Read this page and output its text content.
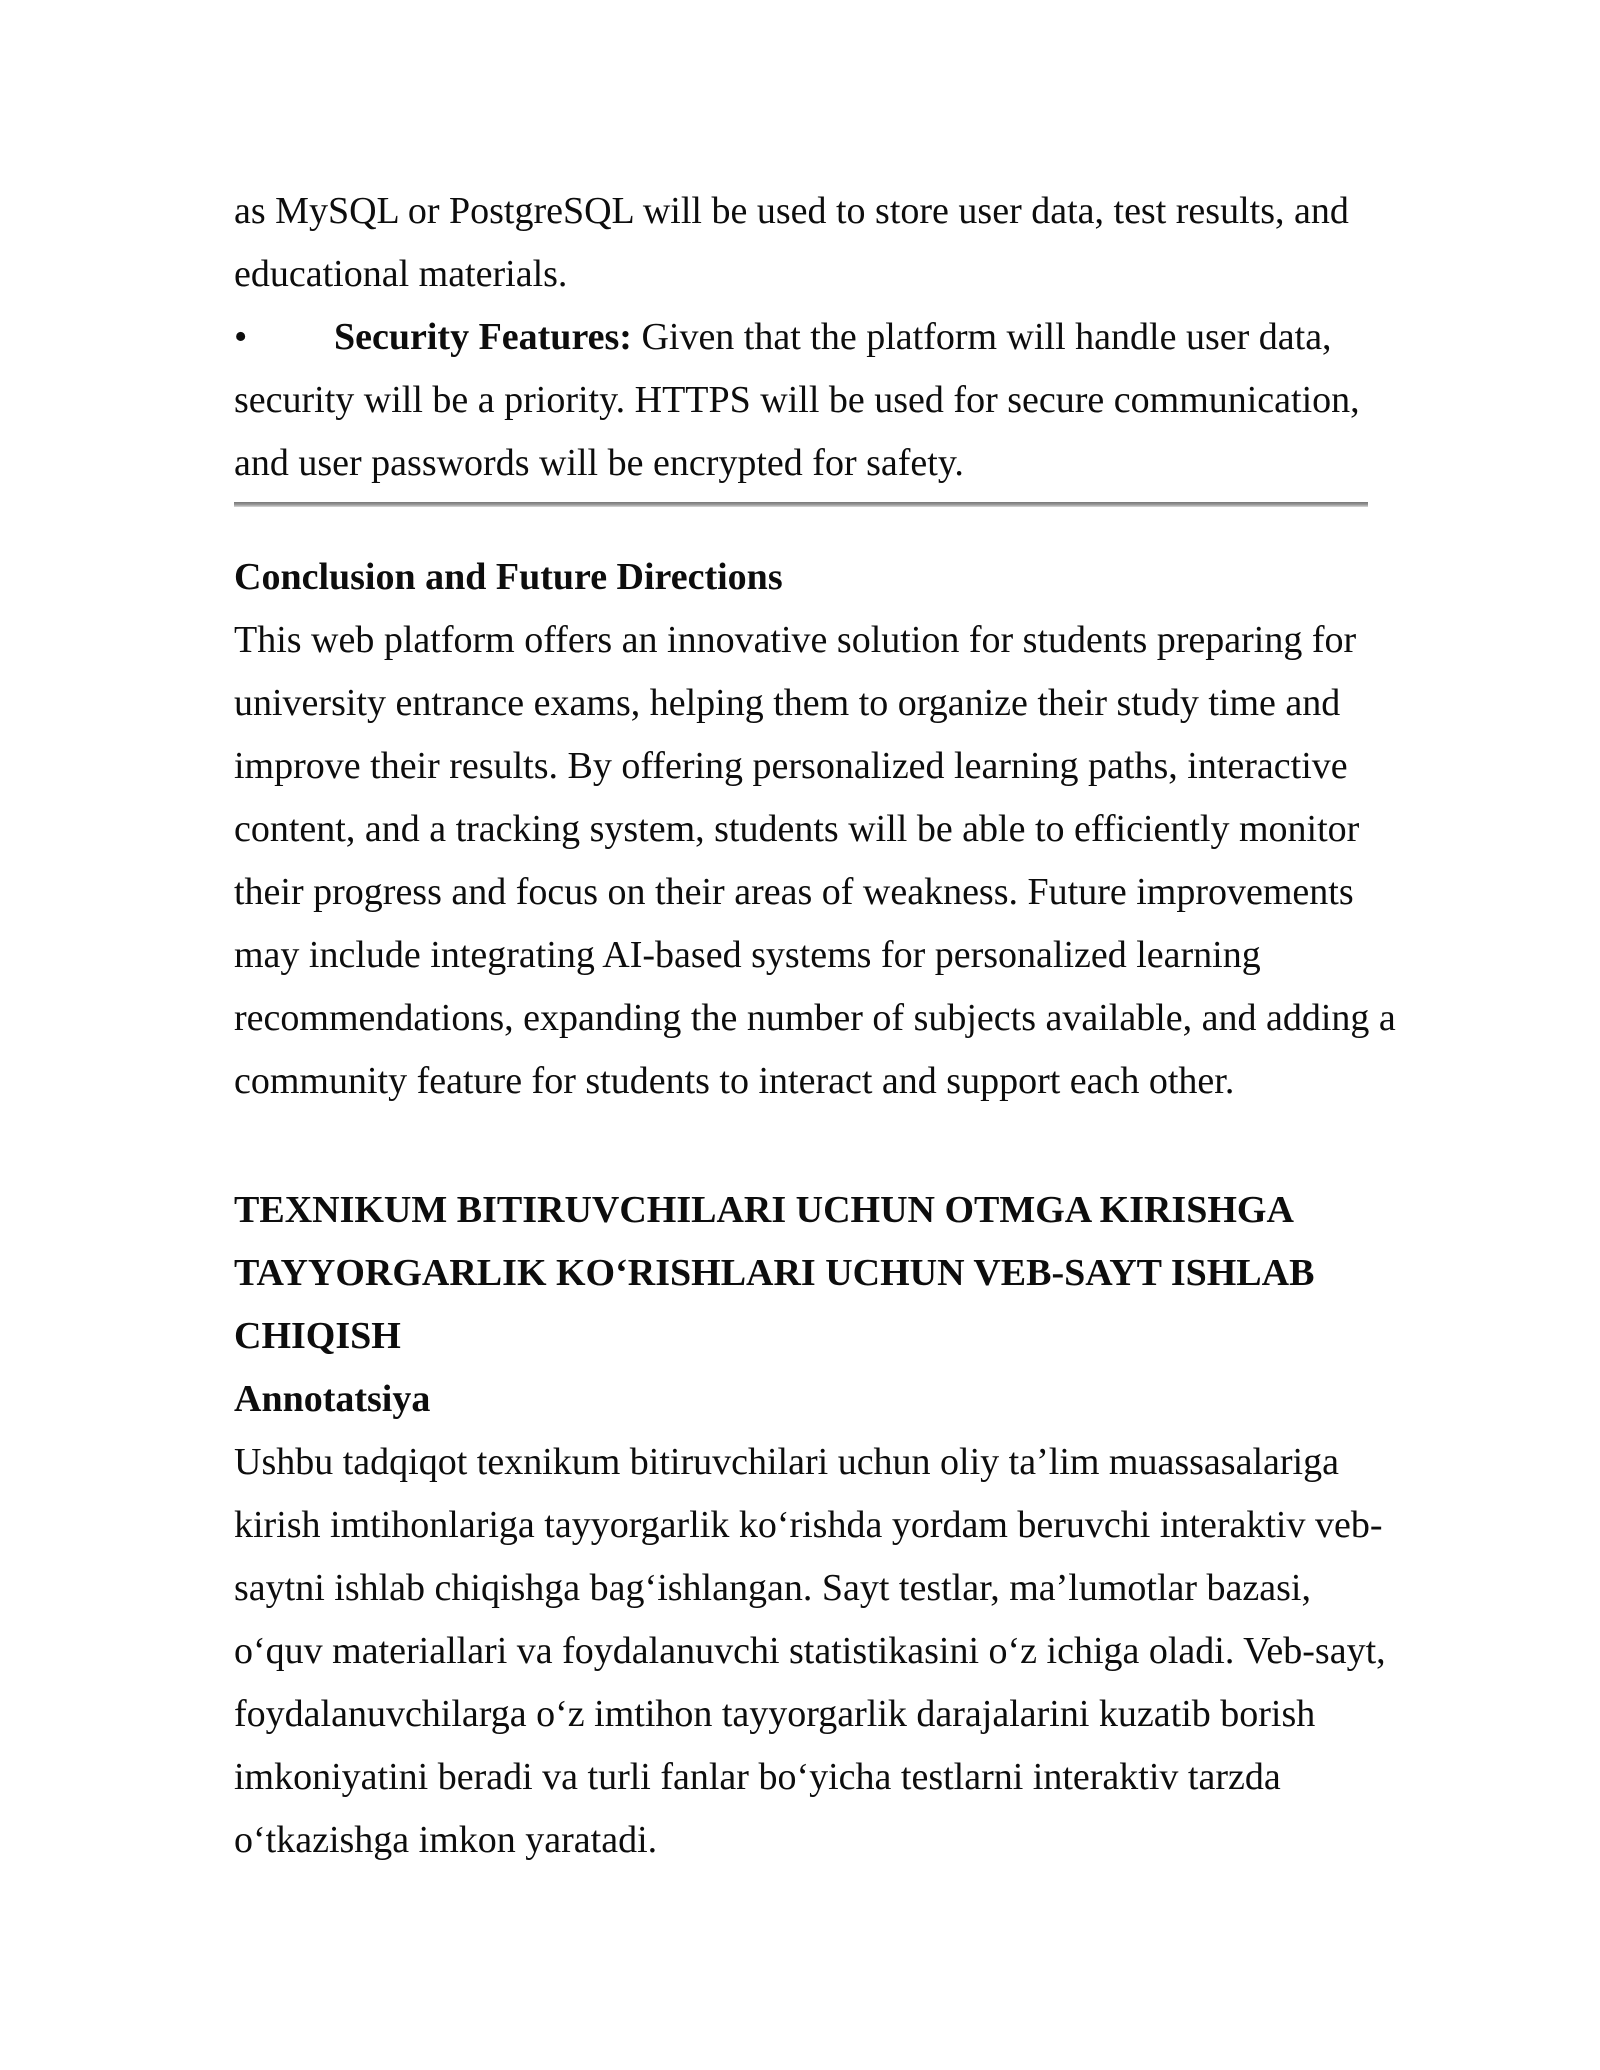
as MySQL or PostgreSQL will be used to store user data, test results, and
educational materials.
• Security Features: Given that the platform will handle user data,
security will be a priority. HTTPS will be used for secure communication,
and user passwords will be encrypted for safety.
Conclusion and Future Directions
This web platform offers an innovative solution for students preparing for
university entrance exams, helping them to organize their study time and
improve their results. By offering personalized learning paths, interactive
content, and a tracking system, students will be able to efficiently monitor
their progress and focus on their areas of weakness. Future improvements
may include integrating AI-based systems for personalized learning
recommendations, expanding the number of subjects available, and adding a
community feature for students to interact and support each other.
TEXNIKUM BITIRUVCHILARI UCHUN OTMGA KIRISHGA
TAYYORGARLIK KO‘RISHLARI UCHUN VEB-SAYT ISHLAB
CHIQISH
Annotatsiya
Ushbu tadqiqot texnikum bitiruvchilari uchun oliy ta’lim muassasalariga
kirish imtihonlariga tayyorgarlik ko‘rishda yordam beruvchi interaktiv veb-
saytni ishlab chiqishga bag‘ishlangan. Sayt testlar, ma’lumotlar bazasi,
o‘quv materiallari va foydalanuvchi statistikasini o‘z ichiga oladi. Veb-sayt,
foydalanuvchilarga o‘z imtihon tayyorgarlik darajalarini kuzatib borish
imkoniyatini beradi va turli fanlar bo‘yicha testlarni interaktiv tarzda
o‘tkazishga imkon yaratadi.
